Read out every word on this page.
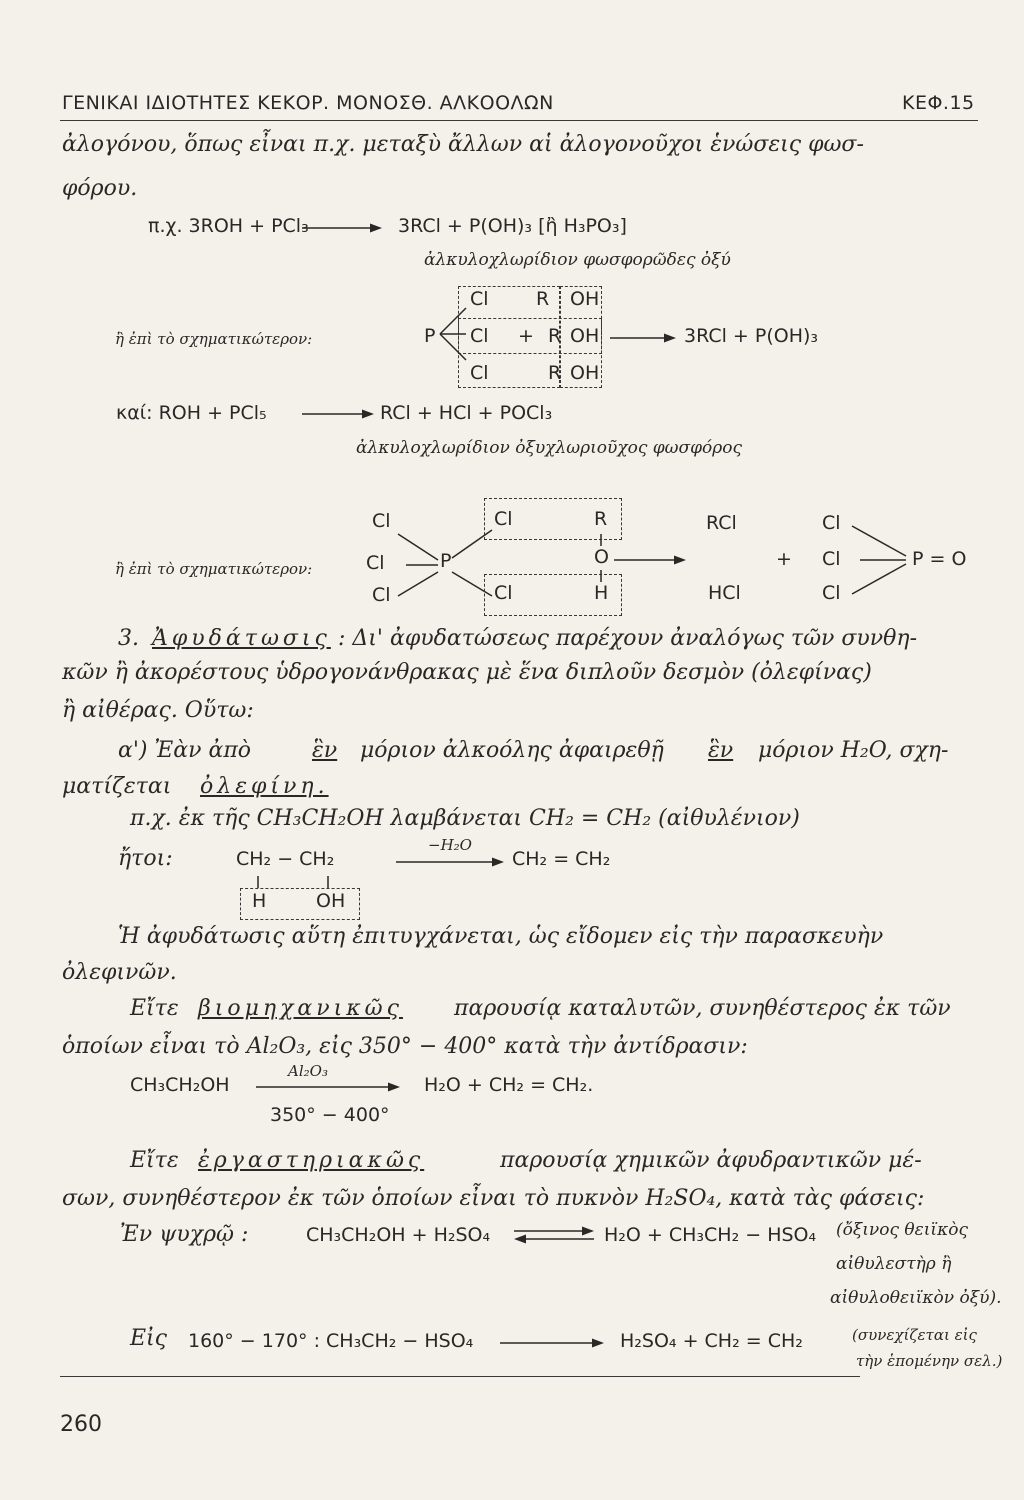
ΓΕΝΙΚΑΙ ΙΔΙΟΤΗΤΕΣ ΚΕΚΟΡ. ΜΟΝΟΣΘ. ΑΛΚΟΟΛΩΝ	ΚΕΦ.15
ἀλογόνου, ὅπως εἶναι π.χ. μεταξὺ ἄλλων αἱ ἀλογονοῦχοι ἑνώσεις φωσ-
φόρου.
π.χ. 3ROH + PCl₃	3RCl + P(OH)₃ [ἢ H₃PO₃]
ἀλκυλοχλωρίδιον φωσφορῶδες ὀξύ
Cl R OH
ἢ ἐπὶ τὸ σχηματικώτερον:	P Cl + R OH	3RCl + P(OH)₃
Cl	R OH
καί: ROH + PCl₅	RCl + HCl + POCl₃
ἀλκυλοχλωρίδιον ὀξυχλωριοῦχος φωσφόρος
Cl
ἢ ἐπὶ τὸ σχηματικώτερον:	Cl	P
Cl
Cl	R
O
Cl	H
RCl
+
HCl
Cl
Cl
Cl
P = O
3. Ἀφυδάτωσις : Δι' ἀφυδατώσεως παρέχουν ἀναλόγως τῶν συνθη-
κῶν ἢ ἀκορέστους ὑδρογονάνθρακας μὲ ἕνα διπλοῦν δεσμὸν (ὀλεφίνας)
ἢ αἰθέρας. Οὕτω:
α') Ἐὰν ἀπὸ	ἓν μόριον ἀλκοόλης ἀφαιρεθῇ ἓν μόριον H₂O, σχη-
ματίζεται ὀλεφίνη.
π.χ. ἐκ τῆς CH₃CH₂OH λαμβάνεται CH₂ = CH₂ (αἰθυλένιον)
ἤτοι:	CH₂ − CH₂
−H₂O
CH₂ = CH₂
H	OH
Ἡ ἀφυδάτωσις αὕτη ἐπιτυγχάνεται, ὡς εἴδομεν εἰς τὴν παρασκευὴν
ὀλεφινῶν.
Εἴτε βιομηχανικῶς παρουσίᾳ καταλυτῶν, συνηθέστερος ἐκ τῶν
ὁποίων εἶναι τὸ Al₂O₃, εἰς 350° − 400° κατὰ τὴν ἀντίδρασιν:
CH₃CH₂OH
Al₂O₃
H₂O + CH₂ = CH₂.
350° − 400°
Εἴτε ἐργαστηριακῶς	παρουσίᾳ χημικῶν ἀφυδραντικῶν μέ-
σων, συνηθέστερον ἐκ τῶν ὁποίων εἶναι τὸ πυκνὸν H₂SO₄, κατὰ τὰς φάσεις:
Ἐν ψυχρῷ :	CH₃CH₂OH + H₂SO₄	H₂O + CH₃CH₂ − HSO₄ (ὄξινος θειϊκὸς
αἰθυλεστὴρ ἢ
αἰθυλοθειϊκὸν ὀξύ).
Εἰς 160° − 170° : CH₃CH₂ − HSO₄	H₂SO₄ + CH₂ = CH₂	(συνεχίζεται εἰς
τὴν ἑπομένην σελ.)
260
